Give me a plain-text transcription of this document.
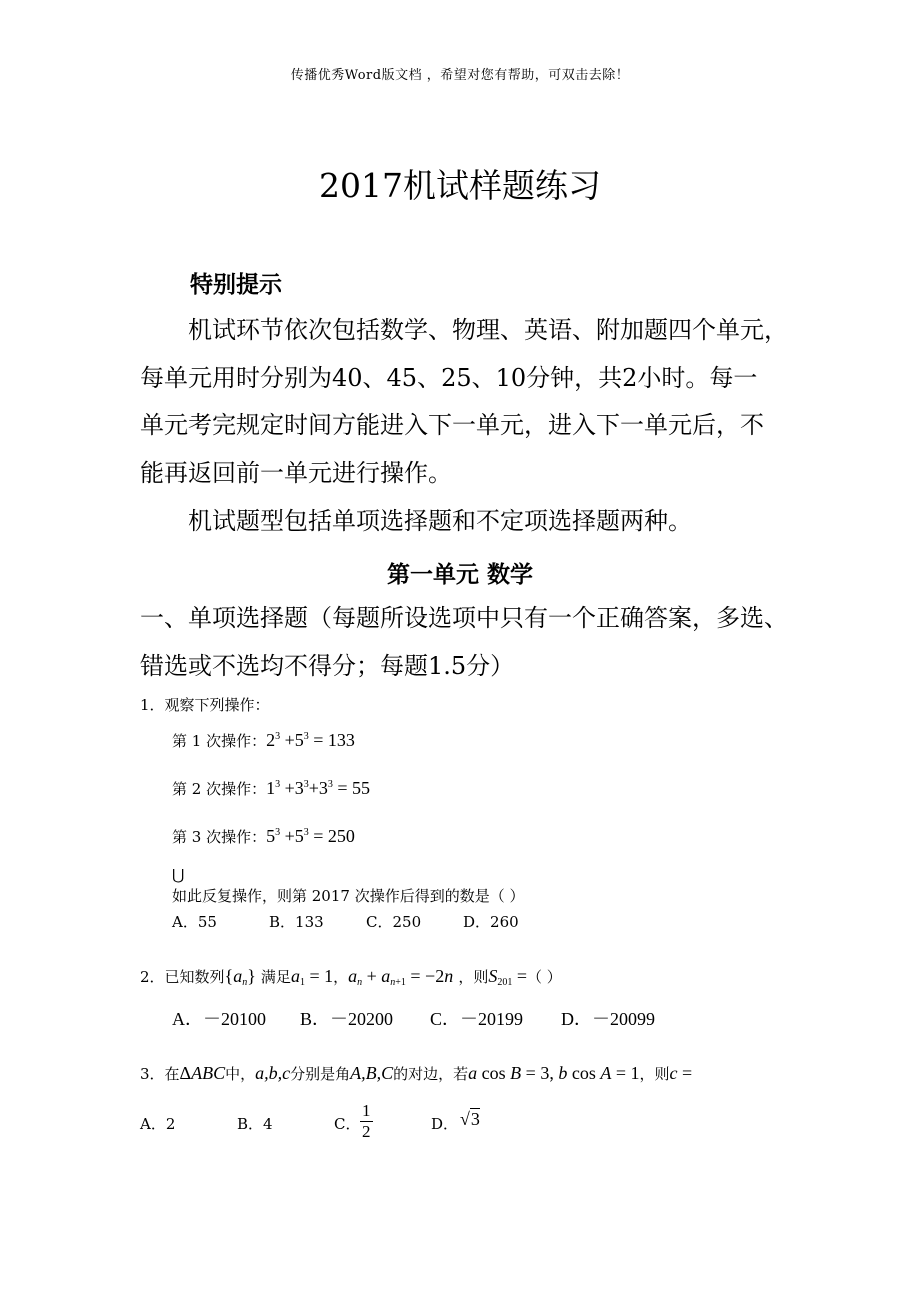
传播优秀Word版文档 ，希望对您有帮助，可双击去除！
2017机试样题练习
特别提示
机试环节依次包括数学、物理、英语、附加题四个单元，
每单元用时分别为40、45、25、10分钟，共2小时。每一
单元考完规定时间方能进入下一单元，进入下一单元后，不
能再返回前一单元进行操作。
机试题型包括单项选择题和不定项选择题两种。
第一单元 数学
一、单项选择题（每题所设选项中只有一个正确答案，多选、
错选或不选均不得分；每题1.5分）
1．观察下列操作：
第 1 次操作：$2^3 +5^3 = 133$
第 2 次操作：$1^3 +3^3+3^3 = 55$
第 3 次操作：$5^3 +5^3 = 250$
⋃
如此反复操作，则第 2017 次操作后得到的数是（ ）
A．55	B．133	C．250	D．260
2．已知数列$\{a_n\}$ 满足$a_1 = 1$，$a_n + a_{n+1} = -2n$ ，则$S_{201}$ =（ ）
A．－20100 B．－20200 C．－20199 D．－20099
3．在ΔABC中，a,b,c分别是角A,B,C的对边，若a cos B = 3, b cos A = 1，则c =
A．2	B．4	C． $\frac{1}{2}$	D． √3
